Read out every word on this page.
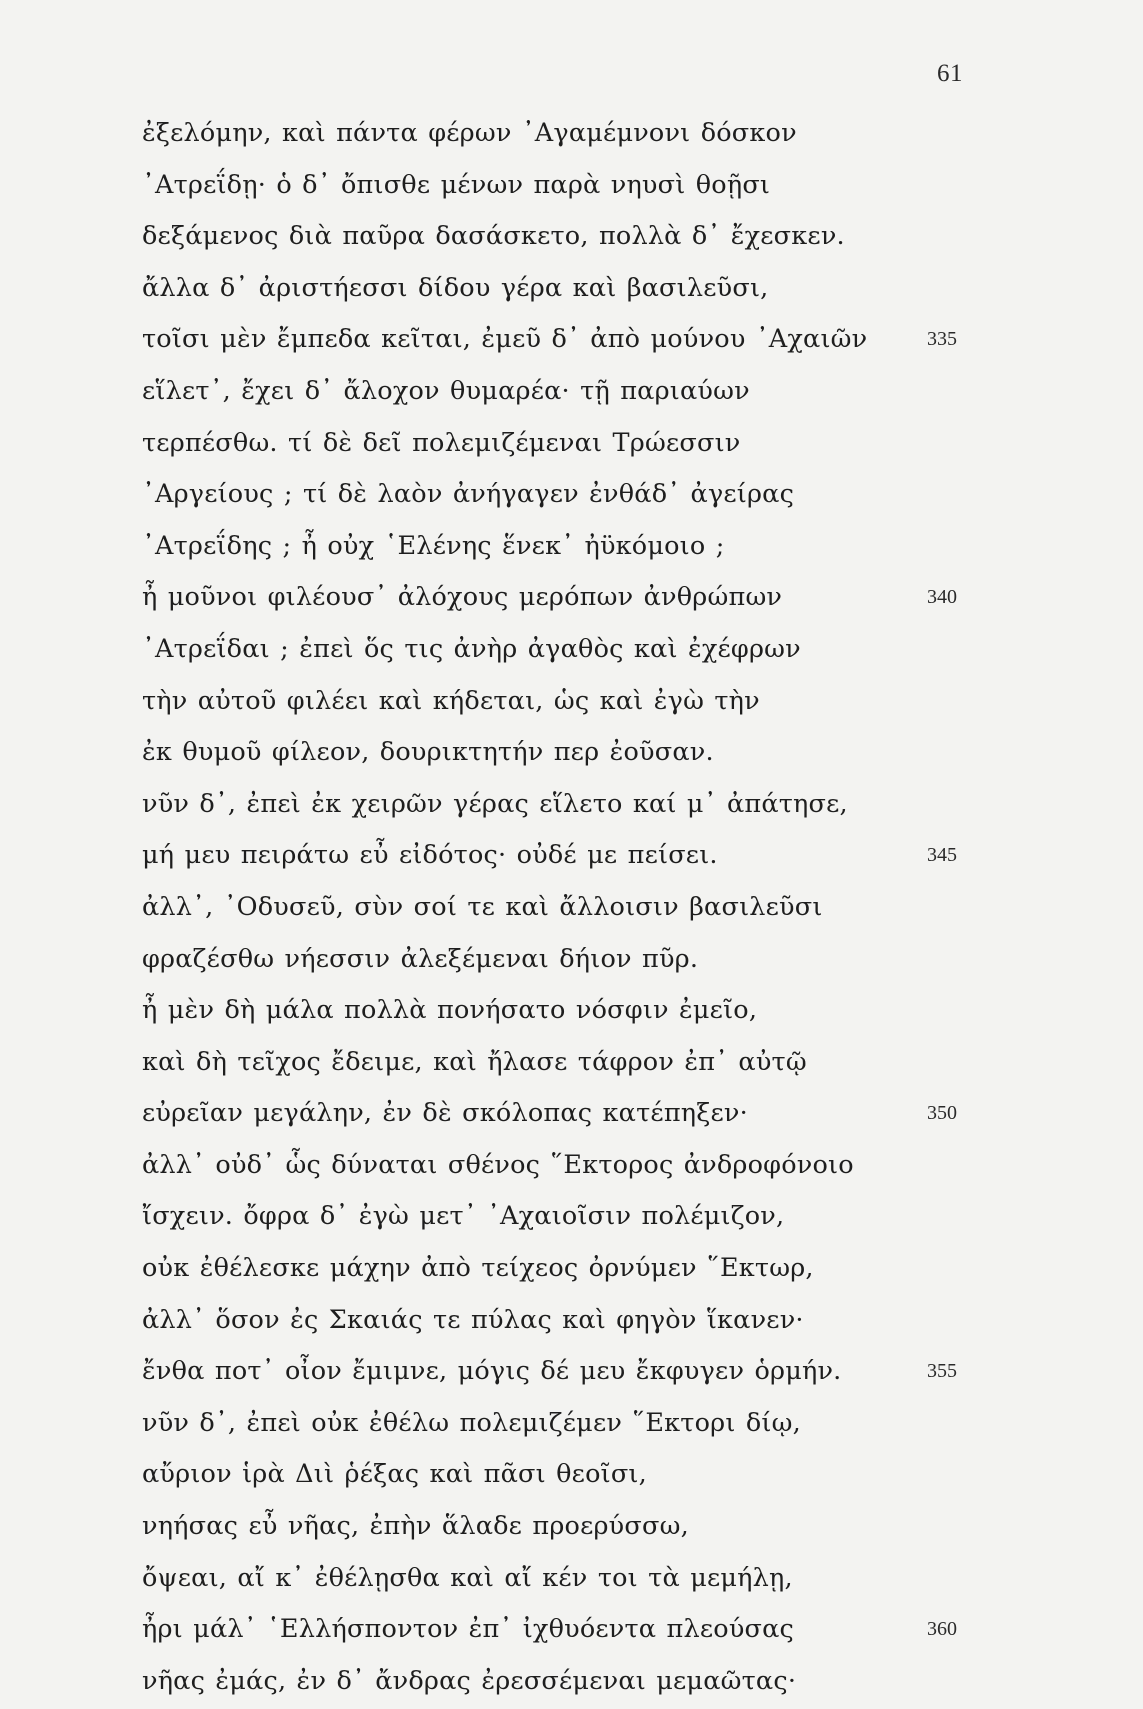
61
ἐξελόμην, καὶ πάντα φέρων ᾿Αγαμέμνονι δόσκον
᾿Ατρεΐδῃ· ὁ δ᾿ ὄπισθε μένων παρὰ νηυσὶ θοῇσι
δεξάμενος διὰ παῦρα δασάσκετο, πολλὰ δ᾿ ἔχεσκεν.
ἄλλα δ᾿ ἀριστήεσσι δίδου γέρα καὶ βασιλεῦσι,
τοῖσι μὲν ἔμπεδα κεῖται, ἐμεῦ δ᾿ ἀπὸ μούνου ᾿Αχαιῶν	335
εἵλετ᾿, ἔχει δ᾿ ἄλοχον θυμαρέα· τῇ παριαύων
τερπέσθω. τί δὲ δεῖ πολεμιζέμεναι Τρώεσσιν
᾿Αργείους ; τί δὲ λαὸν ἀνήγαγεν ἐνθάδ᾿ ἀγείρας
᾿Ατρεΐδης ; ἦ οὐχ ῾Ελένης ἕνεκ᾿ ἠϋκόμοιο ;
ἦ μοῦνοι φιλέουσ᾿ ἀλόχους μερόπων ἀνθρώπων	340
᾿Ατρεΐδαι ; ἐπεὶ ὅς τις ἀνὴρ ἀγαθὸς καὶ ἐχέφρων
τὴν αὐτοῦ φιλέει καὶ κήδεται, ὡς καὶ ἐγὼ τὴν
ἐκ θυμοῦ φίλεον, δουρικτητήν περ ἐοῦσαν.
νῦν δ᾿, ἐπεὶ ἐκ χειρῶν γέρας εἵλετο καί μ᾿ ἀπάτησε,
μή μευ πειράτω εὖ εἰδότος· οὐδέ με πείσει.	345
ἀλλ᾿, ᾿Οδυσεῦ, σὺν σοί τε καὶ ἄλλοισιν βασιλεῦσι
φραζέσθω νήεσσιν ἀλεξέμεναι δήιον πῦρ.
ἦ μὲν δὴ μάλα πολλὰ πονήσατο νόσφιν ἐμεῖο,
καὶ δὴ τεῖχος ἔδειμε, καὶ ἤλασε τάφρον ἐπ᾿ αὐτῷ
εὐρεῖαν μεγάλην, ἐν δὲ σκόλοπας κατέπηξεν·	350
ἀλλ᾿ οὐδ᾿ ὧς δύναται σθένος ῞Εκτορος ἀνδροφόνοιο
ἴσχειν. ὄφρα δ᾿ ἐγὼ μετ᾿ ᾿Αχαιοῖσιν πολέμιζον,
οὐκ ἐθέλεσκε μάχην ἀπὸ τείχεος ὀρνύμεν ῞Εκτωρ,
ἀλλ᾿ ὅσον ἐς Σκαιάς τε πύλας καὶ φηγὸν ἵκανεν·
ἔνθα ποτ᾿ οἶον ἔμιμνε, μόγις δέ μευ ἔκφυγεν ὁρμήν.	355
νῦν δ᾿, ἐπεὶ οὐκ ἐθέλω πολεμιζέμεν ῞Εκτορι δίῳ,
αὔριον ἱρὰ Διὶ ῥέξας καὶ πᾶσι θεοῖσι,
νηήσας εὖ νῆας, ἐπὴν ἅλαδε προερύσσω,
ὄψεαι, αἴ κ᾿ ἐθέλῃσθα καὶ αἴ κέν τοι τὰ μεμήλῃ,
ἦρι μάλ᾿ ῾Ελλήσποντον ἐπ᾿ ἰχθυόεντα πλεούσας	360
νῆας ἐμάς, ἐν δ᾿ ἄνδρας ἐρεσσέμεναι μεμαῶτας·
